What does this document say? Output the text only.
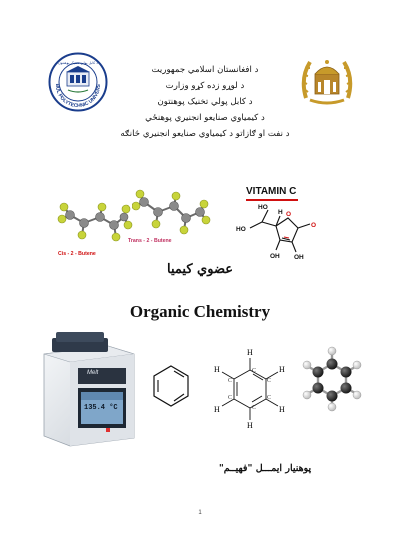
BUL POLYTECHNIC UNIVERS
د کابل پولي تخنيک پوهنتون
د افغانستان اسلامي جمهوريت
د لوړو زده کړو وزارت
د کابل پولي تخنيک پوهنتون
د کيمياوي صنايعو انجنيري پوهنځي
د نفت او ګازاتو د کيمياوي صنايعو انجنيري څانګه
Cis - 2 - Butene
Trans - 2 - Butene
VITAMIN C
HO
H
HO
O
O
OH OH
عضوي کيميا
Organic Chemistry
Melt
135.4 °C
H
H
H
H
H
H	C
C
C
C
C
C
پوهنيار ايمـــل "فهيــم"
1
